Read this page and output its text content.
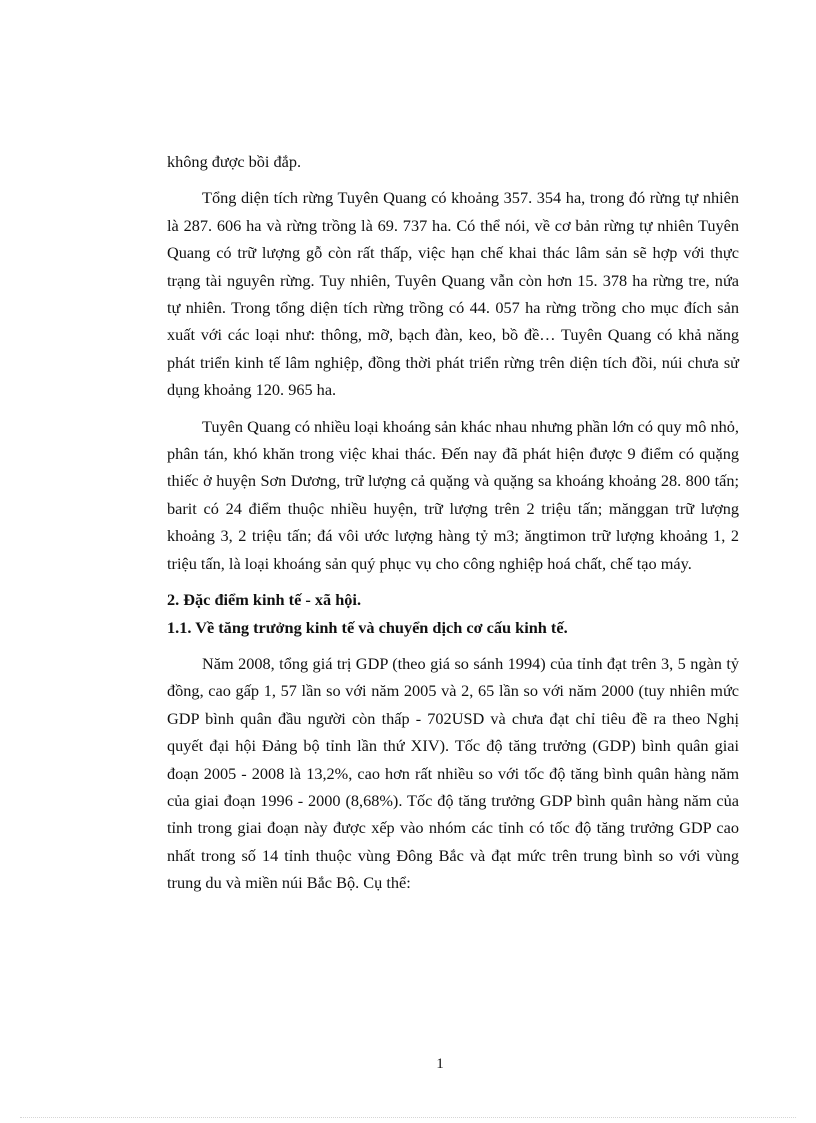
không được bồi đắp.

Tổng diện tích rừng Tuyên Quang có khoảng 357. 354 ha, trong đó rừng tự nhiên là 287. 606 ha và rừng trồng là 69. 737 ha. Có thể nói, về cơ bản rừng tự nhiên Tuyên Quang có trữ lượng gỗ còn rất thấp, việc hạn chế khai thác lâm sản sẽ hợp với thực trạng tài nguyên rừng. Tuy nhiên, Tuyên Quang vẫn còn hơn 15. 378 ha rừng tre, nứa tự nhiên. Trong tổng diện tích rừng trồng có 44. 057 ha rừng trồng cho mục đích sản xuất với các loại như: thông, mỡ, bạch đàn, keo, bồ đề… Tuyên Quang có khả năng phát triển kinh tế lâm nghiệp, đồng thời phát triển rừng trên diện tích đồi, núi chưa sử dụng khoảng 120. 965 ha.

Tuyên Quang có nhiều loại khoáng sản khác nhau nhưng phần lớn có quy mô nhỏ, phân tán, khó khăn trong việc khai thác. Đến nay đã phát hiện được 9 điểm có quặng thiếc ở huyện Sơn Dương, trữ lượng cả quặng và quặng sa khoáng khoảng 28. 800 tấn; barit có 24 điểm thuộc nhiều huyện, trữ lượng trên 2 triệu tấn; mănggan trữ lượng khoảng 3, 2 triệu tấn; đá vôi ước lượng hàng tỷ m3; ăngtimon trữ lượng khoảng 1, 2 triệu tấn, là loại khoáng sản quý phục vụ cho công nghiệp hoá chất, chế tạo máy.

2. Đặc điểm kinh tế - xã hội.

1.1. Về tăng trưởng kinh tế và chuyển dịch cơ cấu kinh tế.

Năm 2008, tổng giá trị GDP (theo giá so sánh 1994) của tỉnh đạt trên 3, 5 ngàn tỷ đồng, cao gấp 1, 57 lần so với năm 2005 và 2, 65 lần so với năm 2000 (tuy nhiên mức GDP bình quân đầu người còn thấp - 702USD và chưa đạt chỉ tiêu đề ra theo Nghị quyết đại hội Đảng bộ tỉnh lần thứ XIV). Tốc độ tăng trưởng (GDP) bình quân giai đoạn 2005 - 2008 là 13,2%, cao hơn rất nhiều so với tốc độ tăng bình quân hàng năm của giai đoạn 1996 - 2000 (8,68%). Tốc độ tăng trưởng GDP bình quân hàng năm của tỉnh trong giai đoạn này được xếp vào nhóm các tỉnh có tốc độ tăng trưởng GDP cao nhất trong số 14 tỉnh thuộc vùng Đông Bắc và đạt mức trên trung bình so với vùng trung du và miền núi Bắc Bộ. Cụ thể:

1
